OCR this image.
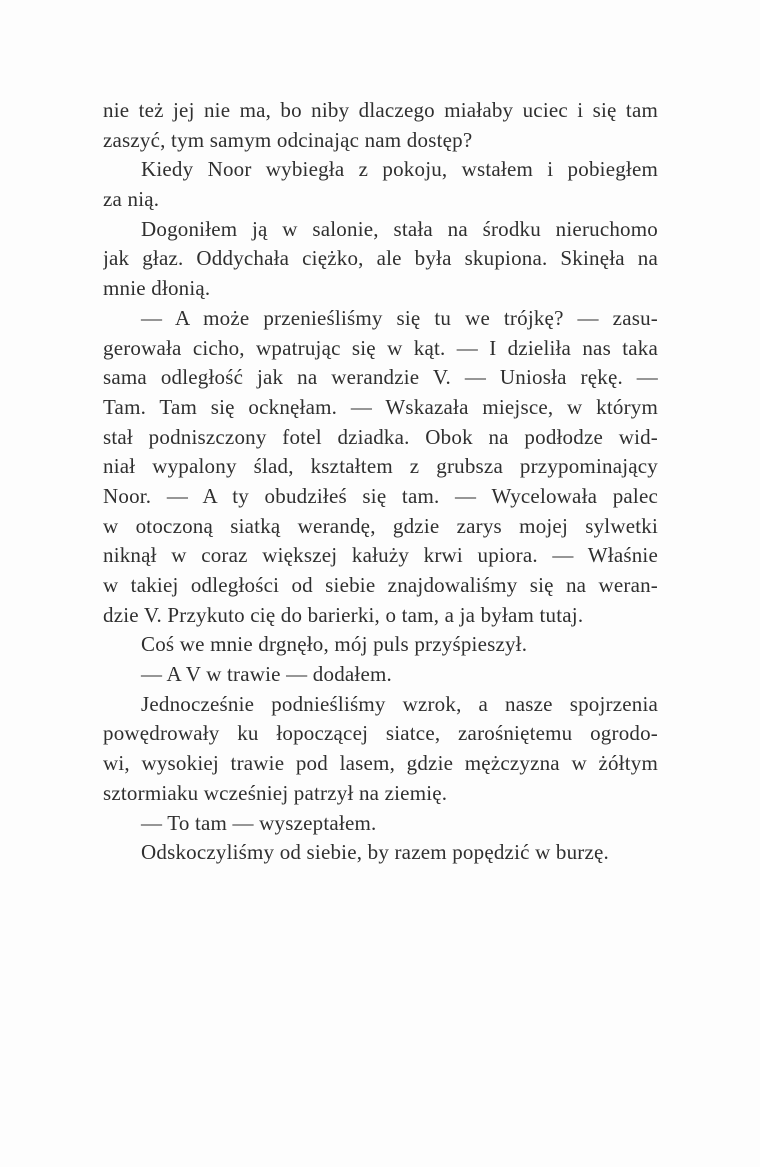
nie też jej nie ma, bo niby dlaczego miałaby uciec i się tam
zaszyć, tym samym odcinając nam dostęp?
Kiedy Noor wybiegła z pokoju, wstałem i pobiegłem
za nią.
Dogoniłem ją w salonie, stała na środku nieruchomo
jak głaz. Oddychała ciężko, ale była skupiona. Skinęła na
mnie dłonią.
— A może przenieśliśmy się tu we trójkę? — zasu-
gerowała cicho, wpatrując się w kąt. — I dzieliła nas taka
sama odległość jak na werandzie V. — Uniosła rękę. —
Tam. Tam się ocknęłam. — Wskazała miejsce, w którym
stał podniszczony fotel dziadka. Obok na podłodze wid-
niał wypalony ślad, kształtem z grubsza przypominający
Noor. — A ty obudziłeś się tam. — Wycelowała palec
w otoczoną siatką werandę, gdzie zarys mojej sylwetki
niknął w coraz większej kałuży krwi upiora. — Właśnie
w takiej odległości od siebie znajdowaliśmy się na weran-
dzie V. Przykuto cię do barierki, o tam, a ja byłam tutaj.
Coś we mnie drgnęło, mój puls przyśpieszył.
— A V w trawie — dodałem.
Jednocześnie podnieśliśmy wzrok, a nasze spojrzenia
powędrowały ku łopoczącej siatce, zarośniętemu ogrodo-
wi, wysokiej trawie pod lasem, gdzie mężczyzna w żółtym
sztormiaku wcześniej patrzył na ziemię.
— To tam — wyszeptałem.
Odskoczyliśmy od siebie, by razem popędzić w burzę.
